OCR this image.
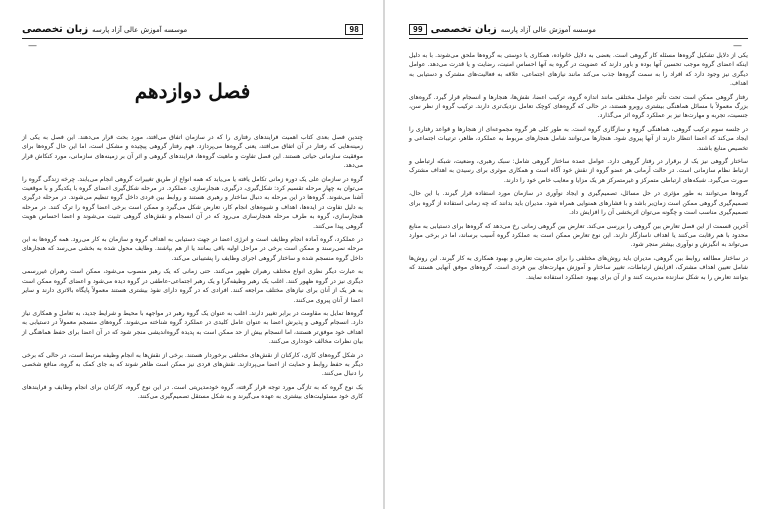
موسسه آموزش عالی آزاد پارسه
زبان تخصصی	98
—
فصل دوازدهم

چندین فصل بعدی کتاب اهمیت فرایندهای رفتاری را که در سازمان اتفاق می‌افتد، مورد بحث قرار می‌دهند. این فصل به یکی از زمینه‌هایی که رفتار در آن اتفاق می‌افتد، یعنی گروه‌ها می‌پردازد. فهم رفتار گروهی پیچیده و مشکل است، اما این حال گروه‌ها برای موفقیت سازمانی حیاتی هستند. این فصل تفاوت و ماهیت گروه‌ها، فرایندهای گروهی و اثر آن بر زمینه‌های سازمانی، مورد کنکاش قرار می‌دهد.

گروه در سازمان علی یک دوره زمانی تکامل یافته یا می‌یابد که همه انواع از طریق تغییرات گروهی انجام می‌یابند. چرخه زندگی گروه را می‌توان به چهار مرحله تقسیم کرد: شکل‌گیری، درگیری، هنجارسازی، عملکرد. در مرحله شکل‌گیری اعضای گروه با یکدیگر و با موقعیت آشنا می‌شوند. گروه‌ها در این مرحله به دنبال ساختار و رهبری هستند و روابط بین فردی داخل گروه تنظیم می‌شوند. در مرحله درگیری به دلیل تفاوت در ایده‌ها، اهداف و شیوه‌های انجام کار، تعارض شکل می‌گیرد و ممکن است برخی اعضا گروه را ترک کنند. در مرحله هنجارسازی، گروه به طرف مرحله هنجارسازی می‌رود که در آن انسجام و نقش‌های گروهی تثبیت می‌شوند و اعضا احساس هویت گروهی پیدا می‌کنند.

در عملکرد، گروه آماده انجام وظایف است و انرژی اعضا در جهت دستیابی به اهداف گروه و سازمان به کار می‌رود. همه گروه‌ها به این مرحله نمی‌رسند و ممکن است برخی در مراحل اولیه باقی بمانند یا از هم بپاشند. وظایف محول شده به بخشی می‌رسد که هنجارهای داخل گروه منسجم شده و ساختار گروهی اجرای وظایف را پشتیبانی می‌کند.

به عبارت دیگر نظری انواع مختلف رهبران ظهور می‌کنند. حتی زمانی که یک رهبر منصوب می‌شود، ممکن است رهبران غیررسمی دیگری نیز در گروه ظهور کنند. اغلب یک رهبر وظیفه‌گرا و یک رهبر اجتماعی-عاطفی در گروه دیده می‌شود و اعضای گروه ممکن است به هر یک از آنان برای نیازهای مختلف مراجعه کنند. افرادی که در گروه دارای نفوذ بیشتری هستند معمولاً پایگاه بالاتری دارند و سایر اعضا از آنان پیروی می‌کنند.

گروه‌ها تمایل به مقاومت در برابر تغییر دارند. اغلب به عنوان یک گروه رهبر در مواجهه با محیط و شرایط جدید، به تعامل و همکاری نیاز دارد. انسجام گروهی و پذیرش اعضا به عنوان عامل کلیدی در عملکرد گروه شناخته می‌شوند. گروه‌های منسجم معمولاً در دستیابی به اهداف خود موفق‌تر هستند، اما انسجام بیش از حد ممکن است به پدیده گروه‌اندیشی منجر شود که در آن اعضا برای حفظ هماهنگی از بیان نظرات مخالف خودداری می‌کنند.

در شکل گروه‌های کاری، کارکنان از نقش‌های مختلفی برخوردار هستند. برخی از نقش‌ها به انجام وظیفه مرتبط است، در حالی که برخی دیگر به حفظ روابط و حمایت از اعضا می‌پردازند. نقش‌های فردی نیز ممکن است ظاهر شوند که به جای کمک به گروه، منافع شخصی را دنبال می‌کنند.

یک نوع گروه که به تازگی مورد توجه قرار گرفته، گروه خودمدیریتی است. در این نوع گروه، کارکنان برای انجام وظایف و فرایندهای کاری خود مسئولیت‌های بیشتری به عهده می‌گیرند و به شکل مستقل تصمیم‌گیری می‌کنند.

99 زبان تخصصی موسسه آموزش عالی آزاد پارسه
—

یکی از دلایل تشکیل گروه‌ها مسئله کار گروهی است. بعضی به دلایل خانواده، همکاری یا دوستی به گروه‌ها ملحق می‌شوند. با به دلیل اینکه اعضای گروه موجب تحسین آنها بوده و باور دارند که عضویت در گروه به آنها احساس امنیت، رضایت و یا قدرت می‌دهد. عوامل دیگری نیز وجود دارد که افراد را به سمت گروه‌ها جذب می‌کند مانند نیازهای اجتماعی، علاقه به فعالیت‌های مشترک و دستیابی به اهداف.

رفتار گروهی ممکن است تحت تأثیر عوامل مختلفی مانند اندازه گروه، ترکیب اعضا، نقش‌ها، هنجارها و انسجام قرار گیرد. گروه‌های بزرگ معمولاً با مسائل هماهنگی بیشتری روبرو هستند، در حالی که گروه‌های کوچک تعامل نزدیک‌تری دارند. ترکیب گروه از نظر سن، جنسیت، تجربه و مهارت‌ها نیز بر عملکرد گروه اثر می‌گذارد.

در جلسه سوم ترکیب گروهی، هماهنگی گروه و سازگاری گروه است. به طور کلی هر گروه مجموعه‌ای از هنجارها و قواعد رفتاری را ایجاد می‌کند که اعضا انتظار دارند از آنها پیروی شود. هنجارها می‌توانند شامل هنجارهای مربوط به عملکرد، ظاهر، ترتیبات اجتماعی و تخصیص منابع باشند.

ساختار گروهی نیز یک از برقرار در رفتار گروهی دارد. عوامل عمده ساختار گروهی شامل: سبک رهبری، وضعیت، شبکه ارتباطی و ارتباط نظام سازمانی است. در حالت آرمانی هر عضو گروه از نقش خود آگاه است و همکاری موثری برای رسیدن به اهداف مشترک صورت می‌گیرد. شبکه‌های ارتباطی متمرکز و غیرمتمرکز هر یک مزایا و معایب خاص خود را دارند.

گروه‌ها می‌توانند به طور مؤثری در حل مسائل، تصمیم‌گیری و ایجاد نوآوری در سازمان مورد استفاده قرار گیرند. با این حال، تصمیم‌گیری گروهی ممکن است زمان‌بر باشد و با فشارهای همنوایی همراه شود. مدیران باید بدانند که چه زمانی استفاده از گروه برای تصمیم‌گیری مناسب است و چگونه می‌توان اثربخشی آن را افزایش داد.

آخرین قسمت از این فصل تعارض بین گروهی را بررسی می‌کند. تعارض بین گروهی زمانی رخ می‌دهد که گروه‌ها برای دستیابی به منابع محدود با هم رقابت می‌کنند یا اهداف ناسازگار دارند. این نوع تعارض ممکن است به عملکرد گروه آسیب برساند، اما در برخی موارد می‌تواند به انگیزش و نوآوری بیشتر منجر شود.

در ساختار مطالعه روابط بین گروهی، مدیران باید روش‌های مختلفی را برای مدیریت تعارض و بهبود همکاری به کار گیرند. این روش‌ها شامل تعیین اهداف مشترک، افزایش ارتباطات، تغییر ساختار و آموزش مهارت‌های بین فردی است. گروه‌های موفق آنهایی هستند که بتوانند تعارض را به شکل سازنده مدیریت کنند و از آن برای بهبود عملکرد استفاده نمایند.
